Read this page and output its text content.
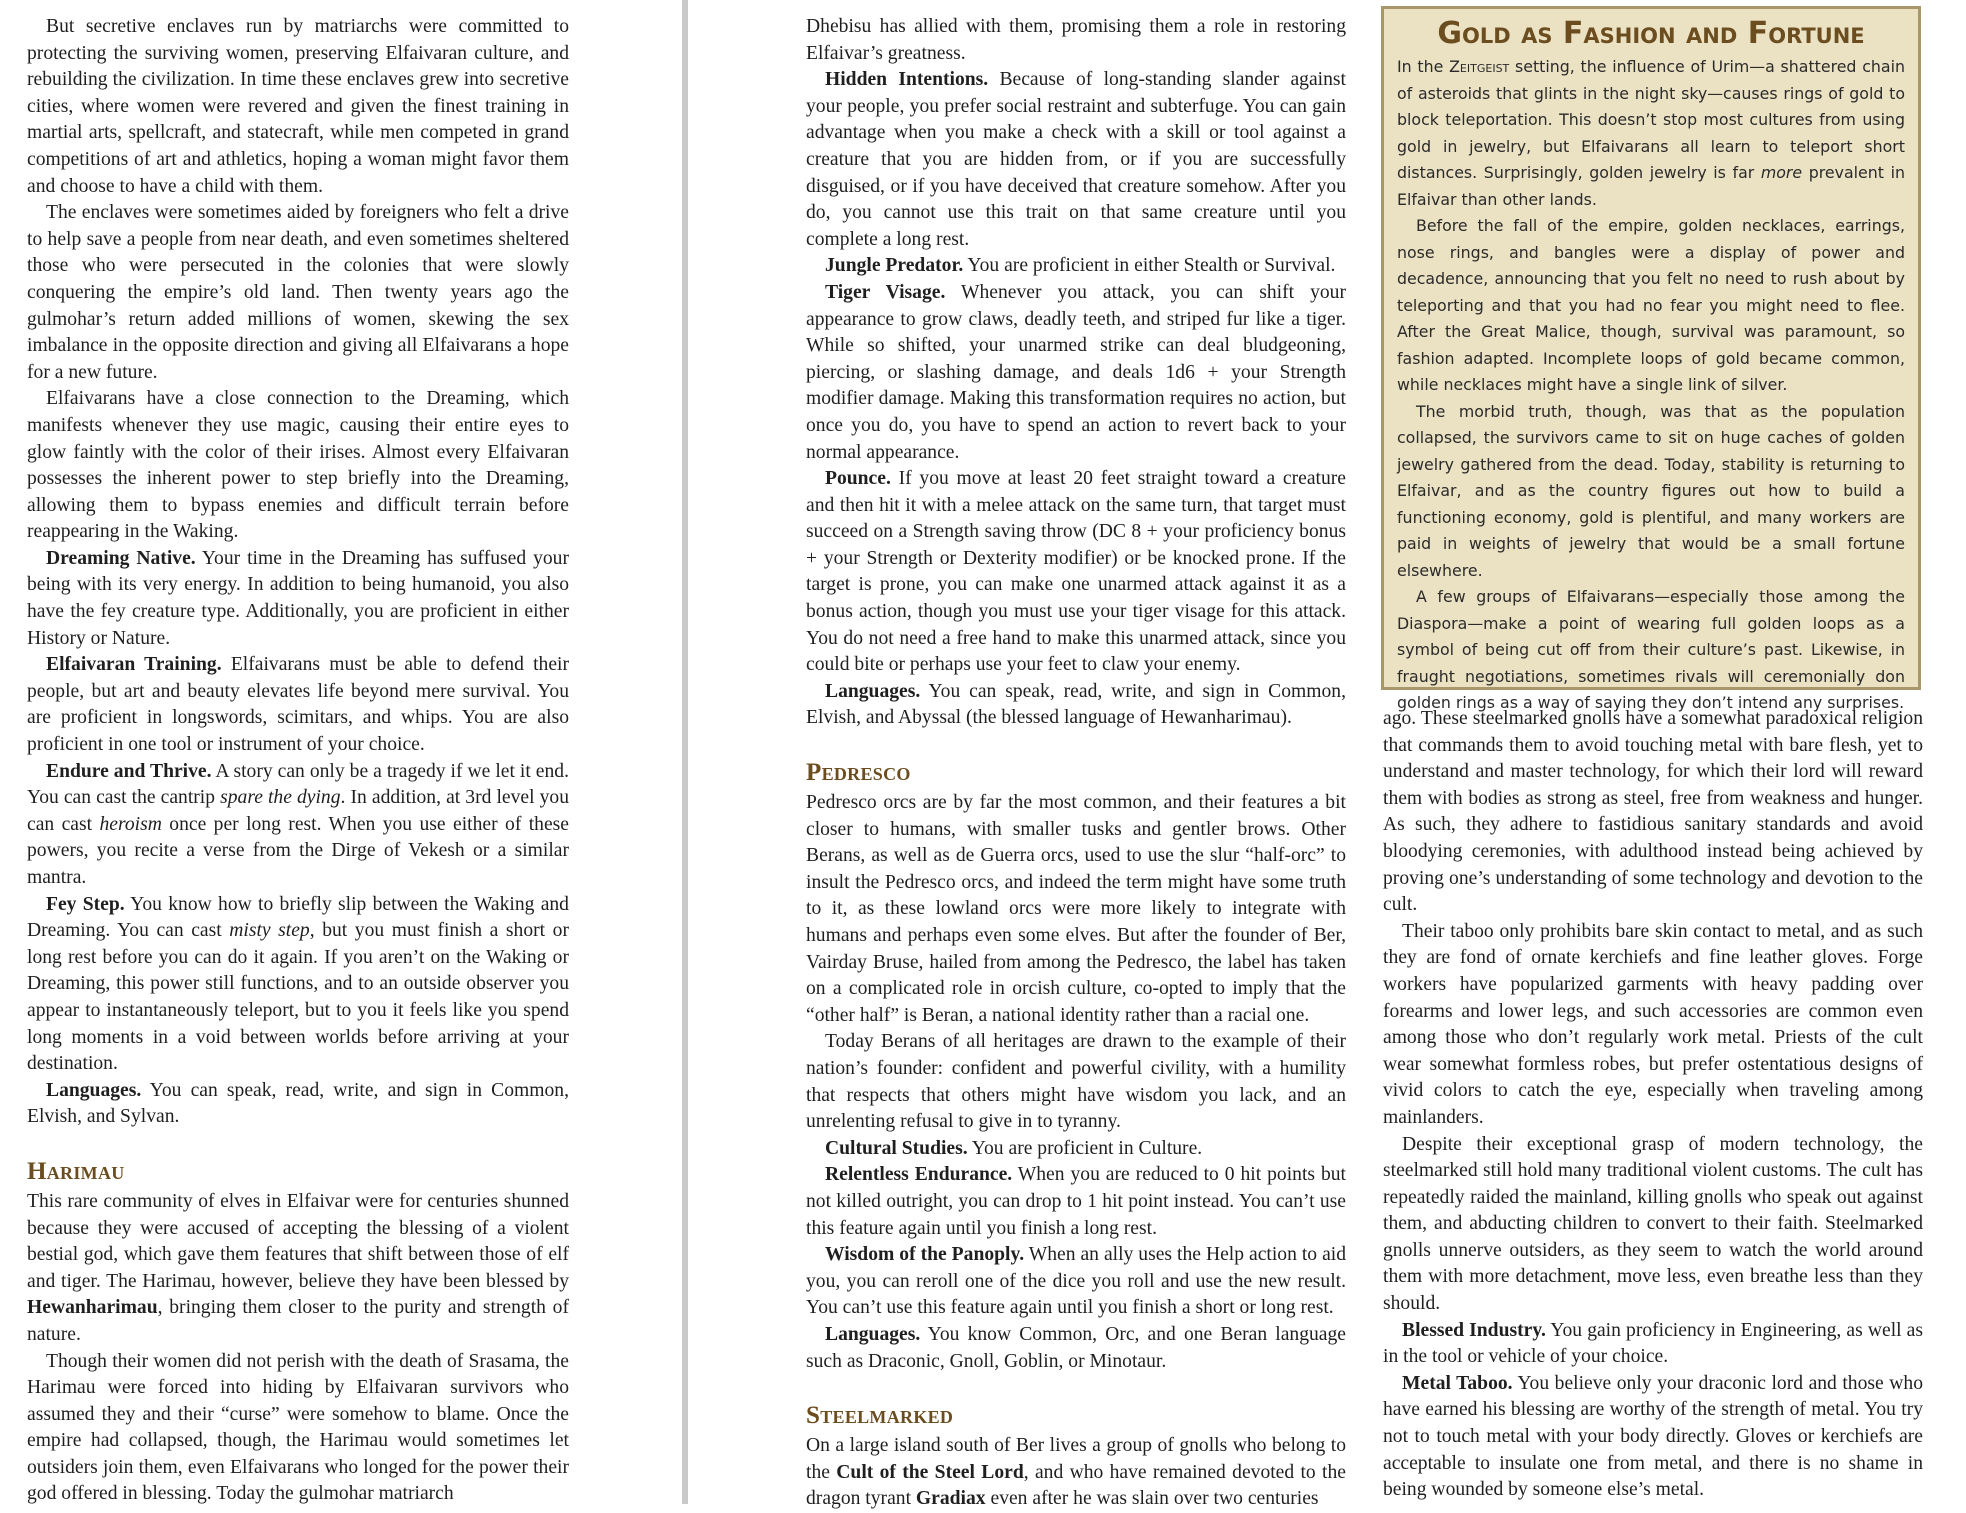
But secretive enclaves run by matriarchs were committed to protecting the surviving women, preserving Elfaivaran culture, and rebuilding the civilization. In time these enclaves grew into secretive cities, where women were revered and given the finest training in martial arts, spellcraft, and statecraft, while men competed in grand competitions of art and athletics, hoping a woman might favor them and choose to have a child with them.

The enclaves were sometimes aided by foreigners who felt a drive to help save a people from near death, and even sometimes sheltered those who were persecuted in the colonies that were slowly conquering the empire’s old land. Then twenty years ago the gulmohar’s return added millions of women, skewing the sex imbalance in the opposite direction and giving all Elfaivarans a hope for a new future.

Elfaivarans have a close connection to the Dreaming, which manifests whenever they use magic, causing their entire eyes to glow faintly with the color of their irises. Almost every Elfaivaran possesses the inherent power to step briefly into the Dreaming, allowing them to bypass enemies and difficult terrain before reappearing in the Waking.

Dreaming Native. Your time in the Dreaming has suffused your being with its very energy. In addition to being humanoid, you also have the fey creature type. Additionally, you are proficient in either History or Nature.

Elfaivaran Training. Elfaivarans must be able to defend their people, but art and beauty elevates life beyond mere survival. You are proficient in longswords, scimitars, and whips. You are also proficient in one tool or instrument of your choice.

Endure and Thrive. A story can only be a tragedy if we let it end. You can cast the cantrip spare the dying. In addition, at 3rd level you can cast heroism once per long rest. When you use either of these powers, you recite a verse from the Dirge of Vekesh or a similar mantra.

Fey Step. You know how to briefly slip between the Waking and Dreaming. You can cast misty step, but you must finish a short or long rest before you can do it again. If you aren’t on the Waking or Dreaming, this power still functions, and to an outside observer you appear to instantaneously teleport, but to you it feels like you spend long moments in a void between worlds before arriving at your destination.

Languages. You can speak, read, write, and sign in Common, Elvish, and Sylvan.

Harimau

This rare community of elves in Elfaivar were for centuries shunned because they were accused of accepting the blessing of a violent bestial god, which gave them features that shift between those of elf and tiger. The Harimau, however, believe they have been blessed by Hewanharimau, bringing them closer to the purity and strength of nature.

Though their women did not perish with the death of Srasama, the Harimau were forced into hiding by Elfaivaran survivors who assumed they and their “curse” were somehow to blame. Once the empire had collapsed, though, the Harimau would sometimes let outsiders join them, even Elfaivarans who longed for the power their god offered in blessing. Today the gulmohar matriarch

Dhebisu has allied with them, promising them a role in restoring Elfaivar’s greatness.

Hidden Intentions. Because of long-standing slander against your people, you prefer social restraint and subterfuge. You can gain advantage when you make a check with a skill or tool against a creature that you are hidden from, or if you are successfully disguised, or if you have deceived that creature somehow. After you do, you cannot use this trait on that same creature until you complete a long rest.

Jungle Predator. You are proficient in either Stealth or Survival.

Tiger Visage. Whenever you attack, you can shift your appearance to grow claws, deadly teeth, and striped fur like a tiger. While so shifted, your unarmed strike can deal bludgeoning, piercing, or slashing damage, and deals 1d6 + your Strength modifier damage. Making this transformation requires no action, but once you do, you have to spend an action to revert back to your normal appearance.

Pounce. If you move at least 20 feet straight toward a creature and then hit it with a melee attack on the same turn, that target must succeed on a Strength saving throw (DC 8 + your proficiency bonus + your Strength or Dexterity modifier) or be knocked prone. If the target is prone, you can make one unarmed attack against it as a bonus action, though you must use your tiger visage for this attack. You do not need a free hand to make this unarmed attack, since you could bite or perhaps use your feet to claw your enemy.

Languages. You can speak, read, write, and sign in Common, Elvish, and Abyssal (the blessed language of Hewanharimau).

Pedresco

Pedresco orcs are by far the most common, and their features a bit closer to humans, with smaller tusks and gentler brows. Other Berans, as well as de Guerra orcs, used to use the slur “half-orc” to insult the Pedresco orcs, and indeed the term might have some truth to it, as these lowland orcs were more likely to integrate with humans and perhaps even some elves. But after the founder of Ber, Vairday Bruse, hailed from among the Pedresco, the label has taken on a complicated role in orcish culture, co-opted to imply that the “other half” is Beran, a national identity rather than a racial one.

Today Berans of all heritages are drawn to the example of their nation’s founder: confident and powerful civility, with a humility that respects that others might have wisdom you lack, and an unrelenting refusal to give in to tyranny.

Cultural Studies. You are proficient in Culture.

Relentless Endurance. When you are reduced to 0 hit points but not killed outright, you can drop to 1 hit point instead. You can’t use this feature again until you finish a long rest.

Wisdom of the Panoply. When an ally uses the Help action to aid you, you can reroll one of the dice you roll and use the new result. You can’t use this feature again until you finish a short or long rest.

Languages. You know Common, Orc, and one Beran language such as Draconic, Gnoll, Goblin, or Minotaur.

Steelmarked

On a large island south of Ber lives a group of gnolls who belong to the Cult of the Steel Lord, and who have remained devoted to the dragon tyrant Gradiax even after he was slain over two centuries

Gold as Fashion and Fortune

In the Zeitgeist setting, the influence of Urim—a shattered chain of asteroids that glints in the night sky—causes rings of gold to block teleportation. This doesn’t stop most cultures from using gold in jewelry, but Elfaivarans all learn to teleport short distances. Surprisingly, golden jewelry is far more prevalent in Elfaivar than other lands.

Before the fall of the empire, golden necklaces, earrings, nose rings, and bangles were a display of power and decadence, announcing that you felt no need to rush about by teleporting and that you had no fear you might need to flee. After the Great Malice, though, survival was paramount, so fashion adapted. Incomplete loops of gold became common, while necklaces might have a single link of silver.

The morbid truth, though, was that as the population collapsed, the survivors came to sit on huge caches of golden jewelry gathered from the dead. Today, stability is returning to Elfaivar, and as the country figures out how to build a functioning economy, gold is plentiful, and many workers are paid in weights of jewelry that would be a small fortune elsewhere.

A few groups of Elfaivarans—especially those among the Diaspora—make a point of wearing full golden loops as a symbol of being cut off from their culture’s past. Likewise, in fraught negotiations, sometimes rivals will ceremonially don golden rings as a way of saying they don’t intend any surprises.

ago. These steelmarked gnolls have a somewhat paradoxical religion that commands them to avoid touching metal with bare flesh, yet to understand and master technology, for which their lord will reward them with bodies as strong as steel, free from weakness and hunger. As such, they adhere to fastidious sanitary standards and avoid bloodying ceremonies, with adulthood instead being achieved by proving one’s understanding of some technology and devotion to the cult.

Their taboo only prohibits bare skin contact to metal, and as such they are fond of ornate kerchiefs and fine leather gloves. Forge workers have popularized garments with heavy padding over forearms and lower legs, and such accessories are common even among those who don’t regularly work metal. Priests of the cult wear somewhat formless robes, but prefer ostentatious designs of vivid colors to catch the eye, especially when traveling among mainlanders.

Despite their exceptional grasp of modern technology, the steelmarked still hold many traditional violent customs. The cult has repeatedly raided the mainland, killing gnolls who speak out against them, and abducting children to convert to their faith. Steelmarked gnolls unnerve outsiders, as they seem to watch the world around them with more detachment, move less, even breathe less than they should.

Blessed Industry. You gain proficiency in Engineering, as well as in the tool or vehicle of your choice.

Metal Taboo. You believe only your draconic lord and those who have earned his blessing are worthy of the strength of metal. You try not to touch metal with your body directly. Gloves or kerchiefs are acceptable to insulate one from metal, and there is no shame in being wounded by someone else’s metal.
